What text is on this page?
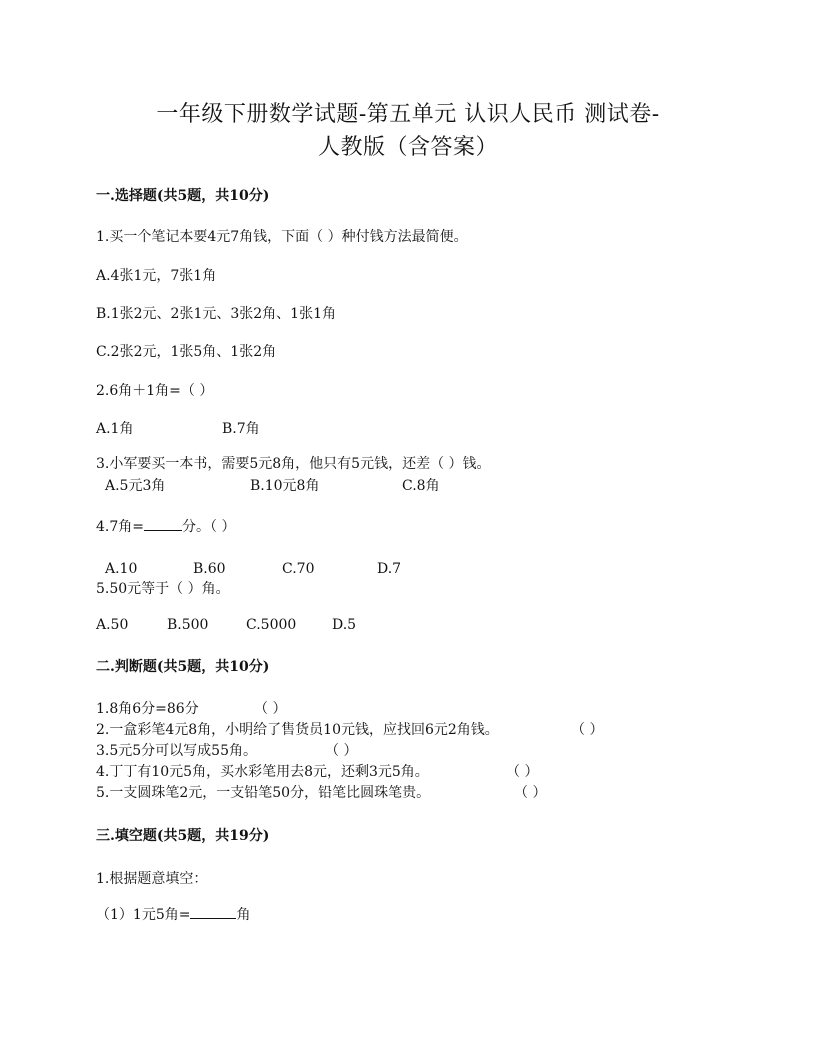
一年级下册数学试题-第五单元 认识人民币 测试卷-
人教版（含答案）
一.选择题(共5题，共10分)
1.买一个笔记本要4元7角钱，下面（ ）种付钱方法最简便。
A.4张1元，7张1角
B.1张2元、2张1元、3张2角、1张1角
C.2张2元，1张5角、1张2角
2.6角＋1角=（ ）
A.1角	B.7角
3.小军要买一本书，需要5元8角，他只有5元钱，还差（ ）钱。
A.5元3角	B.10元8角	C.8角
4.7角=	分。（ ）
A.10	B.60	C.70	D.7
5.50元等于（ ）角。
A.50	B.500	C.5000	D.5
二.判断题(共5题，共10分)
1.8角6分=86分	（ ）
2.一盒彩笔4元8角，小明给了售货员10元钱，应找回6元2角钱。	（ ）
3.5元5分可以写成55角。	（ ）
4.丁丁有10元5角，买水彩笔用去8元，还剩3元5角。	（ ）
5.一支圆珠笔2元，一支铅笔50分，铅笔比圆珠笔贵。	（ ）
三.填空题(共5题，共19分)
1.根据题意填空：
（1）1元5角=	角
